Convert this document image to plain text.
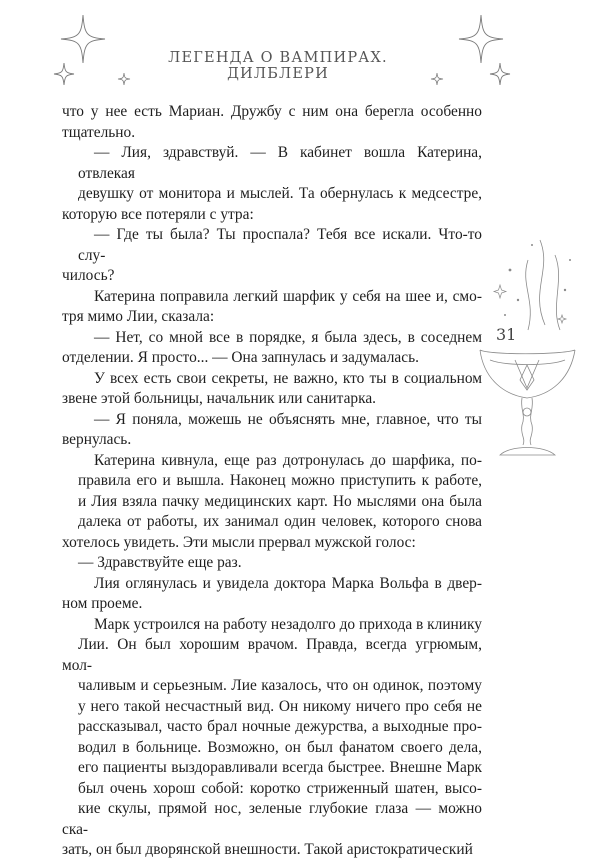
ЛЕГЕНДА О ВАМПИРАХ. ДИЛБЛЕРИ

что у нее есть Мариан. Дружбу с ним она берегла особенно
тщательно.

— Лия, здравствуй. — В кабинет вошла Катерина, отвлекая
девушку от монитора и мыслей. Та обернулась к медсестре,
которую все потеряли с утра:

— Где ты была? Ты проспала? Тебя все искали. Что-то слу-
чилось?

Катерина поправила легкий шарфик у себя на шее и, смо-
тря мимо Лии, сказала:

— Нет, со мной все в порядке, я была здесь, в соседнем
отделении. Я просто... — Она запнулась и задумалась.

У всех есть свои секреты, не важно, кто ты в социальном
звене этой больницы, начальник или санитарка.

— Я поняла, можешь не объяснять мне, главное, что ты
вернулась.

Катерина кивнула, еще раз дотронулась до шарфика, по-
правила его и вышла. Наконец можно приступить к работе,
и Лия взяла пачку медицинских карт. Но мыслями она была
далека от работы, их занимал один человек, которого снова
хотелось увидеть. Эти мысли прервал мужской голос:

— Здравствуйте еще раз.

Лия оглянулась и увидела доктора Марка Вольфа в двер-
ном проеме.

Марк устроился на работу незадолго до прихода в клинику
Лии. Он был хорошим врачом. Правда, всегда угрюмым, мол-
чаливым и серьезным. Лие казалось, что он одинок, поэтому
у него такой несчастный вид. Он никому ничего про себя не
рассказывал, часто брал ночные дежурства, а выходные про-
водил в больнице. Возможно, он был фанатом своего дела,
его пациенты выздоравливали всегда быстрее. Внешне Марк
был очень хорош собой: коротко стриженный шатен, высо-
кие скулы, прямой нос, зеленые глубокие глаза — можно ска-
зать, он был дворянской внешности. Такой аристократический

31
